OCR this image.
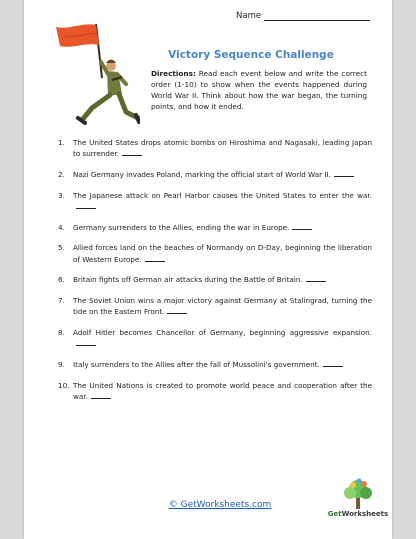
Name
Victory Sequence Challenge
Directions: Read each event below and write the correct order (1-10) to show when the events happened during World War II. Think about how the war began, the turning points, and how it ended.
1. The United States drops atomic bombs on Hiroshima and Nagasaki, leading Japan to surrender.
2. Nazi Germany invades Poland, marking the official start of World War II.
3. The Japanese attack on Pearl Harbor causes the United States to enter the war.
4. Germany surrenders to the Allies, ending the war in Europe.
5. Allied forces land on the beaches of Normandy on D-Day, beginning the liberation of Western Europe.
6. Britain fights off German air attacks during the Battle of Britain.
7. The Soviet Union wins a major victory against Germany at Stalingrad, turning the tide on the Eastern Front.
8. Adolf Hitler becomes Chancellor of Germany, beginning aggressive expansion.
9. Italy surrenders to the Allies after the fall of Mussolini's government.
10. The United Nations is created to promote world peace and cooperation after the war.
© GetWorksheets.com
GetWorksheets
